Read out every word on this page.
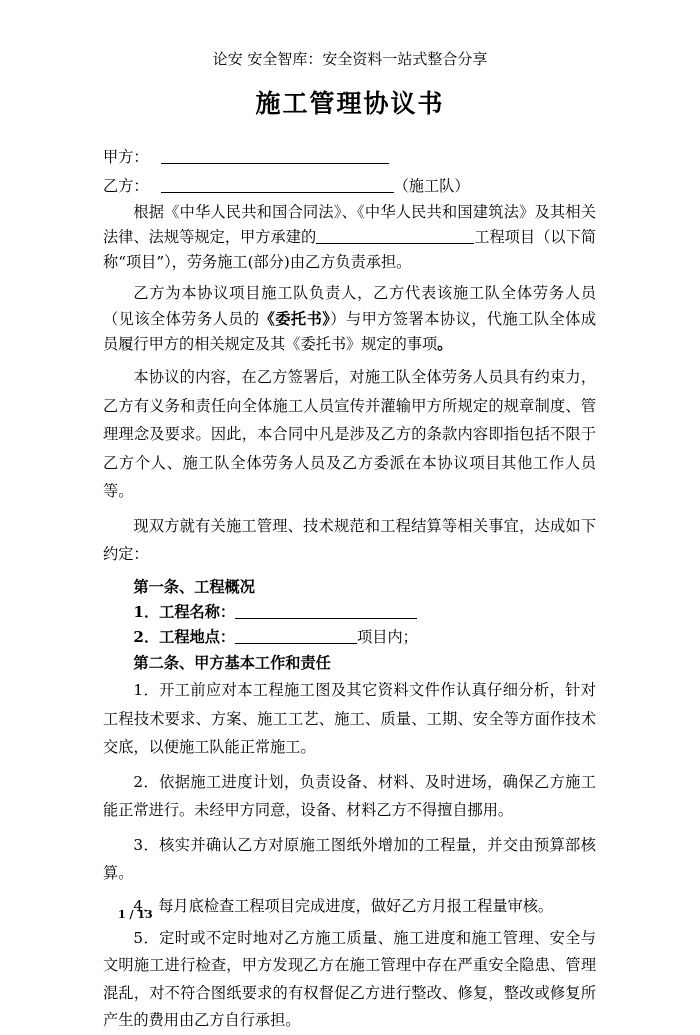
论安 安全智库：安全资料一站式整合分享
施工管理协议书

甲方：

乙方：	（施工队）

根据《中华人民共和国合同法》、《中华人民共和国建筑法》及其相关法律、法规等规定，甲方承建的	工程项目（以下简称“项目”），劳务施工(部分)由乙方负责承担。

乙方为本协议项目施工队负责人，乙方代表该施工队全体劳务人员（见该全体劳务人员的《委托书》）与甲方签署本协议，代施工队全体成员履行甲方的相关规定及其《委托书》规定的事项。

本协议的内容，在乙方签署后，对施工队全体劳务人员具有约束力，乙方有义务和责任向全体施工人员宣传并灌输甲方所规定的规章制度、管理理念及要求。因此，本合同中凡是涉及乙方的条款内容即指包括不限于乙方个人、施工队全体劳务人员及乙方委派在本协议项目其他工作人员等。

现双方就有关施工管理、技术规范和工程结算等相关事宜，达成如下约定：

第一条、工程概况

1．工程名称：

2．工程地点：	项目内；

第二条、甲方基本工作和责任

1．开工前应对本工程施工图及其它资料文件作认真仔细分析，针对工程技术要求、方案、施工工艺、施工、质量、工期、安全等方面作技术交底，以便施工队能正常施工。

2．依据施工进度计划，负责设备、材料、及时进场，确保乙方施工能正常进行。未经甲方同意，设备、材料乙方不得擅自挪用。

3．核实并确认乙方对原施工图纸外增加的工程量，并交由预算部核算。

4．每月底检查工程项目完成进度，做好乙方月报工程量审核。

5．定时或不定时地对乙方施工质量、施工进度和施工管理、安全与文明施工进行检查，甲方发现乙方在施工管理中存在严重安全隐患、管理混乱，对不符合图纸要求的有权督促乙方进行整改、修复，整改或修复所产生的费用由乙方自行承担。

1 / 13
